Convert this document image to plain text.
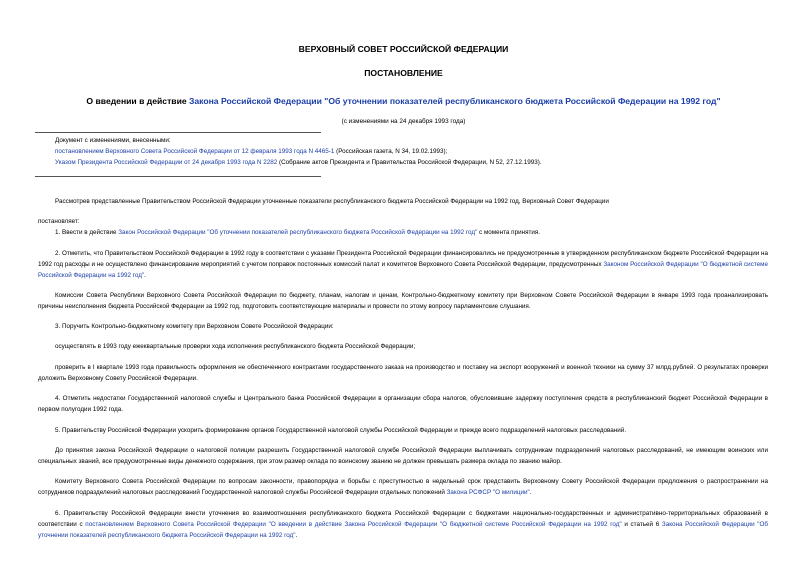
ВЕРХОВНЫЙ СОВЕТ РОССИЙСКОЙ ФЕДЕРАЦИИ
ПОСТАНОВЛЕНИЕ
О введении в действие Закона Российской Федерации "Об уточнении показателей республиканского бюджета Российской Федерации на 1992 год"
(с изменениями на 24 декабря 1993 года)
Документ с изменениями, внесенными:
постановлением Верховного Совета Российской Федерации от 12 февраля 1993 года N 4465-1 (Российская газета, N 34, 19.02.1993);
Указом Президента Российской Федерации от 24 декабря 1993 года N 2282 (Собрание актов Президента и Правительства Российской Федерации, N 52, 27.12.1993).
Рассмотрев представленные Правительством Российской Федерации уточненные показатели республиканского бюджета Российской Федерации на 1992 год, Верховный Совет Федерации
постановляет:
1. Ввести в действие Закон Российской Федерации "Об уточнении показателей республиканского бюджета Российской Федерации на 1992 год" с момента принятия.
2. Отметить, что Правительством Российской Федерации в 1992 году в соответствии с указами Президента Российской Федерации финансировались не предусмотренные в утвержденном республиканском бюджете Российской Федерации на 1992 год расходы и не осуществлено финансирование мероприятий с учетом поправок постоянных комиссий палат и комитетов Верховного Совета Российской Федерации, предусмотренных Законом Российской Федерации "О бюджетной системе Российской Федерации на 1992 год".
Комиссии Совета Республики Верховного Совета Российской Федерации по бюджету, планам, налогам и ценам, Контрольно-бюджетному комитету при Верховном Совете Российской Федерации в январе 1993 года проанализировать причины неисполнения бюджета Российской Федерации за 1992 год, подготовить соответствующие материалы и провести по этому вопросу парламентские слушания.
3. Поручить Контрольно-бюджетному комитету при Верховном Совете Российской Федерации:
осуществлять в 1993 году ежеквартальные проверки хода исполнения республиканского бюджета Российской Федерации;
проверить в I квартале 1993 года правильность оформления не обеспеченного контрактами государственного заказа на производство и поставку на экспорт вооружений и военной техники на сумму 37 млрд.рублей. О результатах проверки доложить Верховному Совету Российской Федерации.
4. Отметить недостатки Государственной налоговой службы и Центрального банка Российской Федерации в организации сбора налогов, обусловившие задержку поступления средств в республиканский бюджет Российской Федерации в первом полугодии 1992 года.
5. Правительству Российской Федерации ускорить формирование органов Государственной налоговой службы Российской Федерации и прежде всего подразделений налоговых расследований.
До принятия закона Российской Федерации о налоговой полиции разрешить Государственной налоговой службе Российской Федерации выплачивать сотрудникам подразделений налоговых расследований, не имеющим воинских или специальных званий, все предусмотренные виды денежного содержания, при этом размер оклада по воинскому званию не должен превышать размера оклада по званию майор.
Комитету Верховного Совета Российской Федерации по вопросам законности, правопорядка и борьбы с преступностью в недельный срок представить Верховному Совету Российской Федерации предложения о распространении на сотрудников подразделений налоговых расследований Государственной налоговой службы Российской Федерации отдельных положений Закона РСФСР "О милиции".
6. Правительству Российской Федерации внести уточнения во взаимоотношения республиканского бюджета Российской Федерации с бюджетами национально-государственных и административно-территориальных образований в соответствии с постановлением Верховного Совета Российской Федерации "О введении в действие Закона Российской Федерации "О бюджетной системе Российской Федерации на 1992 год" и статьей 6 Закона Российской Федерации "Об уточнении показателей республиканского бюджета Российской Федерации на 1992 год".
